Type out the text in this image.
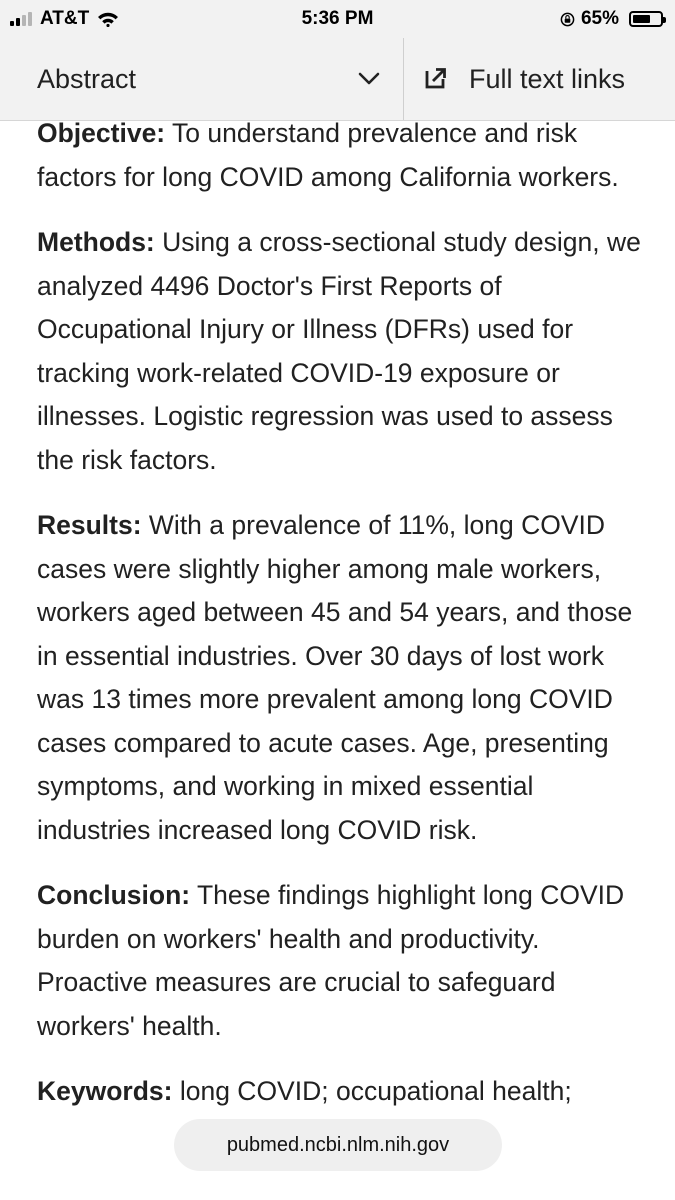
AT&T	5:36 PM	65%
Abstract	Full text links

Objective: To understand prevalence and risk factors for long COVID among California workers.

Methods: Using a cross-sectional study design, we analyzed 4496 Doctor's First Reports of Occupational Injury or Illness (DFRs) used for tracking work-related COVID-19 exposure or illnesses. Logistic regression was used to assess the risk factors.

Results: With a prevalence of 11%, long COVID cases were slightly higher among male workers, workers aged between 45 and 54 years, and those in essential industries. Over 30 days of lost work was 13 times more prevalent among long COVID cases compared to acute cases. Age, presenting symptoms, and working in mixed essential industries increased long COVID risk.

Conclusion: These findings highlight long COVID burden on workers' health and productivity. Proactive measures are crucial to safeguard workers' health.

Keywords: long COVID; occupational health;

pubmed.ncbi.nlm.nih.gov
